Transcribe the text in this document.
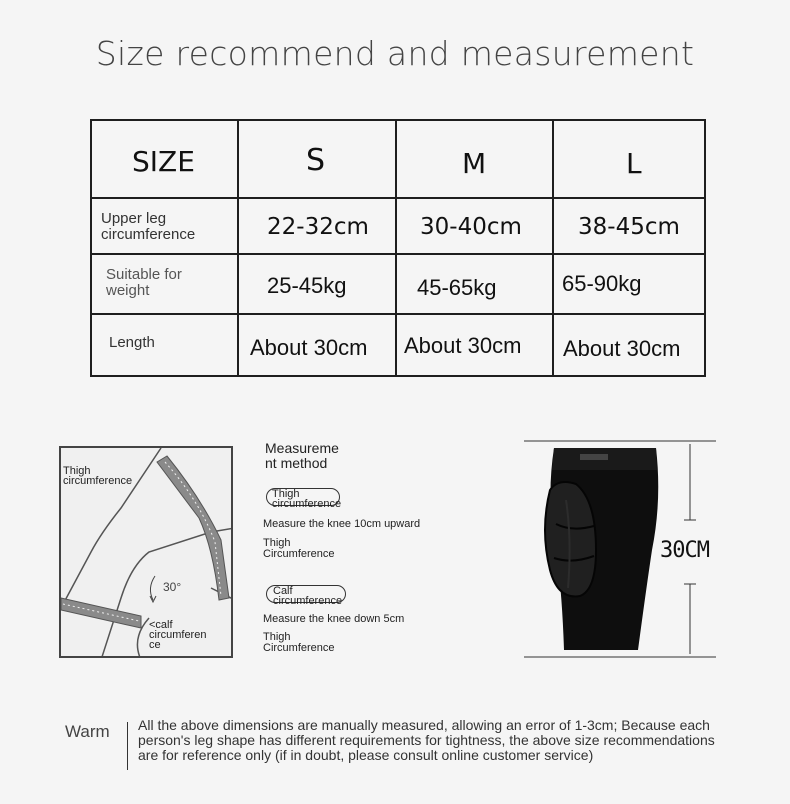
Size recommend and measurement
SIZE	S	M	L
Upper leg
circumference	22-32cm 30-40cm 38-45cm
Suitable for
weight	25-45kg	45-65kg	65-90kg
Length	About 30cm About 30cm About 30cm
Thigh
circumference
30°
<calf
circumferen
ce
Measureme
nt method
Thigh
circumference
Measure the knee 10cm upward
Thigh
Circumference
Calf
circumference
Measure the knee down 5cm
Thigh
Circumference
30CM
Warm All the above dimensions are manually measured, allowing an error of 1-3cm; Because each person's leg shape has different requirements for tightness, the above size recommendations are for reference only (if in doubt, please consult online customer service)
